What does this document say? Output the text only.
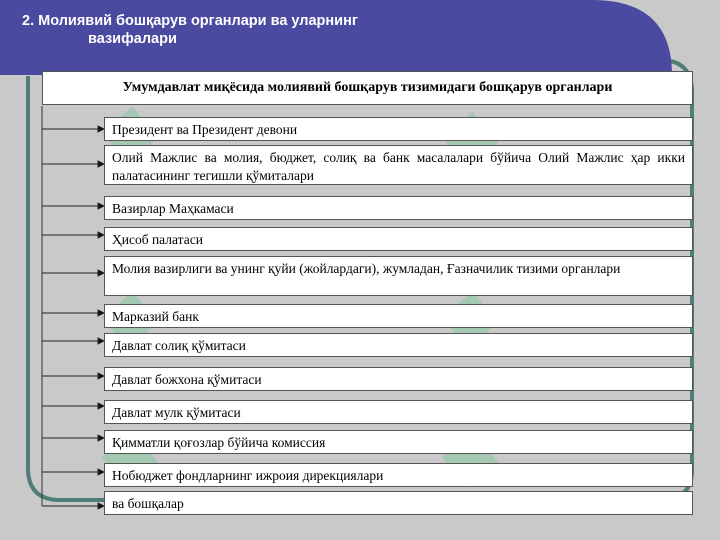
2. Молиявий бошқарув органлари ва уларнинг
вазифалари
Умумдавлат миқёсида молиявий бошқарув тизимидаги бошқарув органлари
Президент ва Президент девони
Олий Мажлис ва молия, бюджет, солиқ ва банк масалалари бўйича Олий Мажлис ҳар икки палатасининг тегишли қўмиталари
Вазирлар Маҳкамаси
Ҳисоб палатаси
Молия вазирлиги ва унинг қуйи (жойлардаги), жумладан, Ғазначилик тизими органлари
Марказий банк
Давлат солиқ қўмитаси
Давлат божхона қўмитаси
Давлат мулк қўмитаси
Қимматли қоғозлар бўйича комиссия
Нобюджет фондларнинг ижроия дирекциялари
ва бошқалар
